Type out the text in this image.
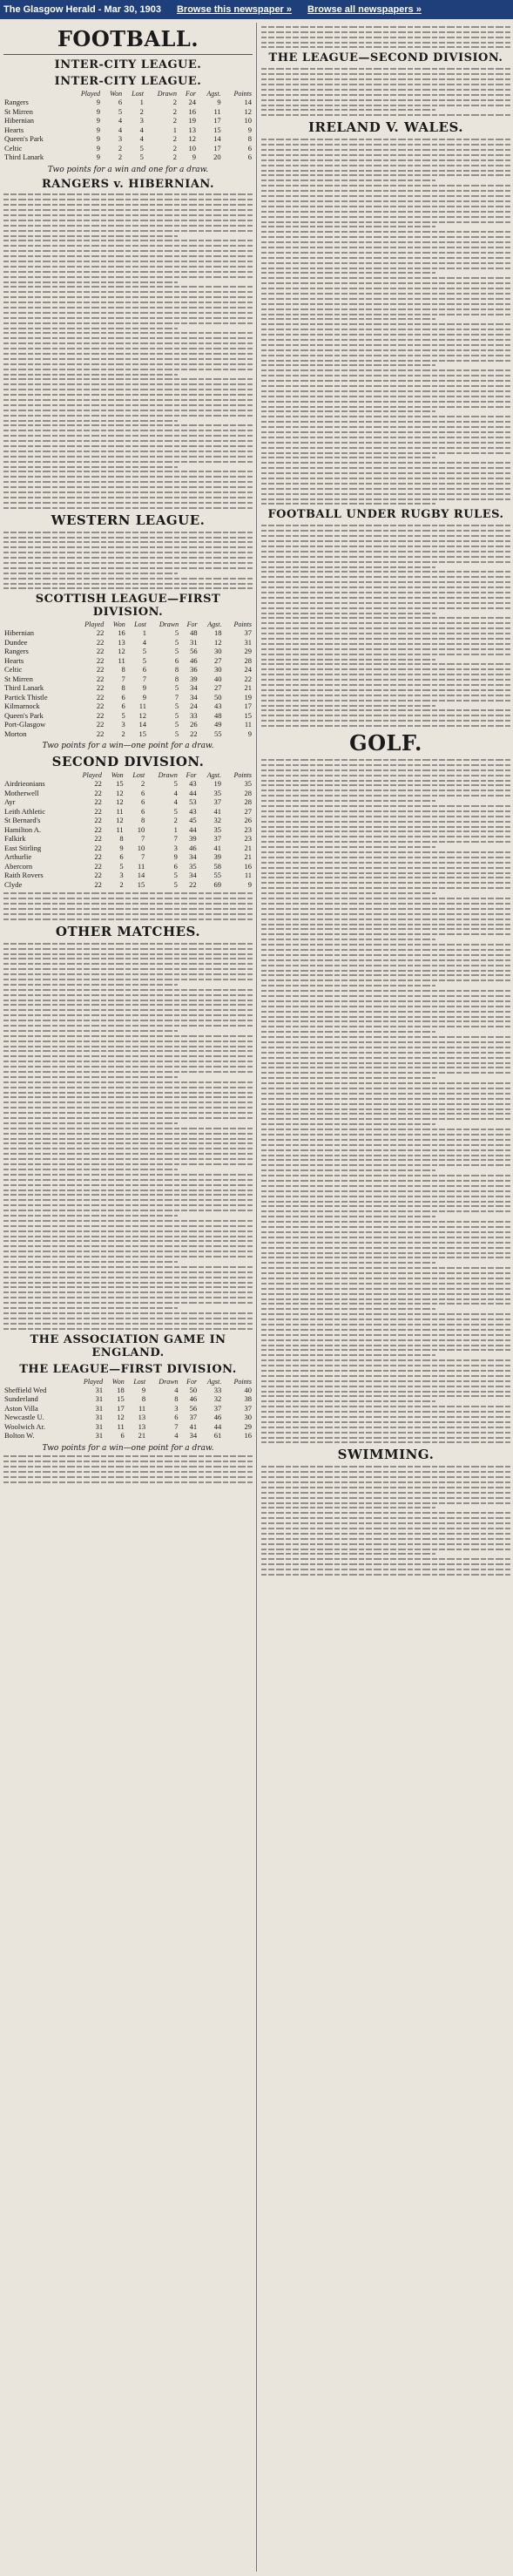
The Glasgow Herald - Mar 30, 1903 Browse this newspaper » Browse all newspapers »
FOOTBALL.
INTER-CITY LEAGUE.
INTER-CITY LEAGUE.
	Played	Won	Lost	Drawn	For	Agst.	Points
Rangers	9	6	1	2	24	9	14
St Mirren	9	5	2	2	16	11	12
Hibernian	9	4	3	2	19	17	10
Hearts	9	4	4	1	13	15	9
Queen's Park	9	3	4	2	12	14	8
Celtic	9	2	5	2	10	17	6
Third Lanark	9	2	5	2	9	20	6
Two points for a win and one for a draw.
RANGERS v. HIBERNIAN.
WESTERN LEAGUE.
SCOTTISH LEAGUE—FIRST DIVISION.
	Played	Won	Lost	Drawn	For	Agst.	Points
Hibernian	22	16	1	5	48	18	37
Dundee	22	13	4	5	31	12	31
Rangers	22	12	5	5	56	30	29
Hearts	22	11	5	6	46	27	28
Celtic	22	8	6	8	36	30	24
St Mirren	22	7	7	8	39	40	22
Third Lanark	22	8	9	5	34	27	21
Partick Thistle	22	6	9	7	34	50	19
Kilmarnock	22	6	11	5	24	43	17
Queen's Park	22	5	12	5	33	48	15
Port-Glasgow	22	3	14	5	26	49	11
Morton	22	2	15	5	22	55	9
Two points for a win—one point for a draw.
SECOND DIVISION.
	Played	Won	Lost	Drawn	For	Agst.	Points
Airdrieonians	22	15	2	5	43	19	35
Motherwell	22	12	6	4	44	35	28
Ayr	22	12	6	4	53	37	28
Leith Athletic	22	11	6	5	43	41	27
St Bernard's	22	12	8	2	45	32	26
Hamilton A.	22	11	10	1	44	35	23
Falkirk	22	8	7	7	39	37	23
East Stirling	22	9	10	3	46	41	21
Arthurlie	22	6	7	9	34	39	21
Abercorn	22	5	11	6	35	58	16
Raith Rovers	22	3	14	5	34	55	11
Clyde	22	2	15	5	22	69	9
OTHER MATCHES.
THE ASSOCIATION GAME IN ENGLAND.
THE LEAGUE—FIRST DIVISION.
	Played	Won	Lost	Drawn	For	Agst.	Points
Sheffield Wed	31	18	9	4	50	33	40
Sunderland	31	15	8	8	46	32	38
Aston Villa	31	17	11	3	56	37	37
Newcastle U.	31	12	13	6	37	46	30
Woolwich Ar.	31	11	13	7	41	44	29
Bolton W.	31	6	21	4	34	61	16
Two points for a win—one point for a draw.
THE LEAGUE—SECOND DIVISION.
IRELAND V. WALES.
FOOTBALL UNDER RUGBY RULES.
GOLF.
SWIMMING.
